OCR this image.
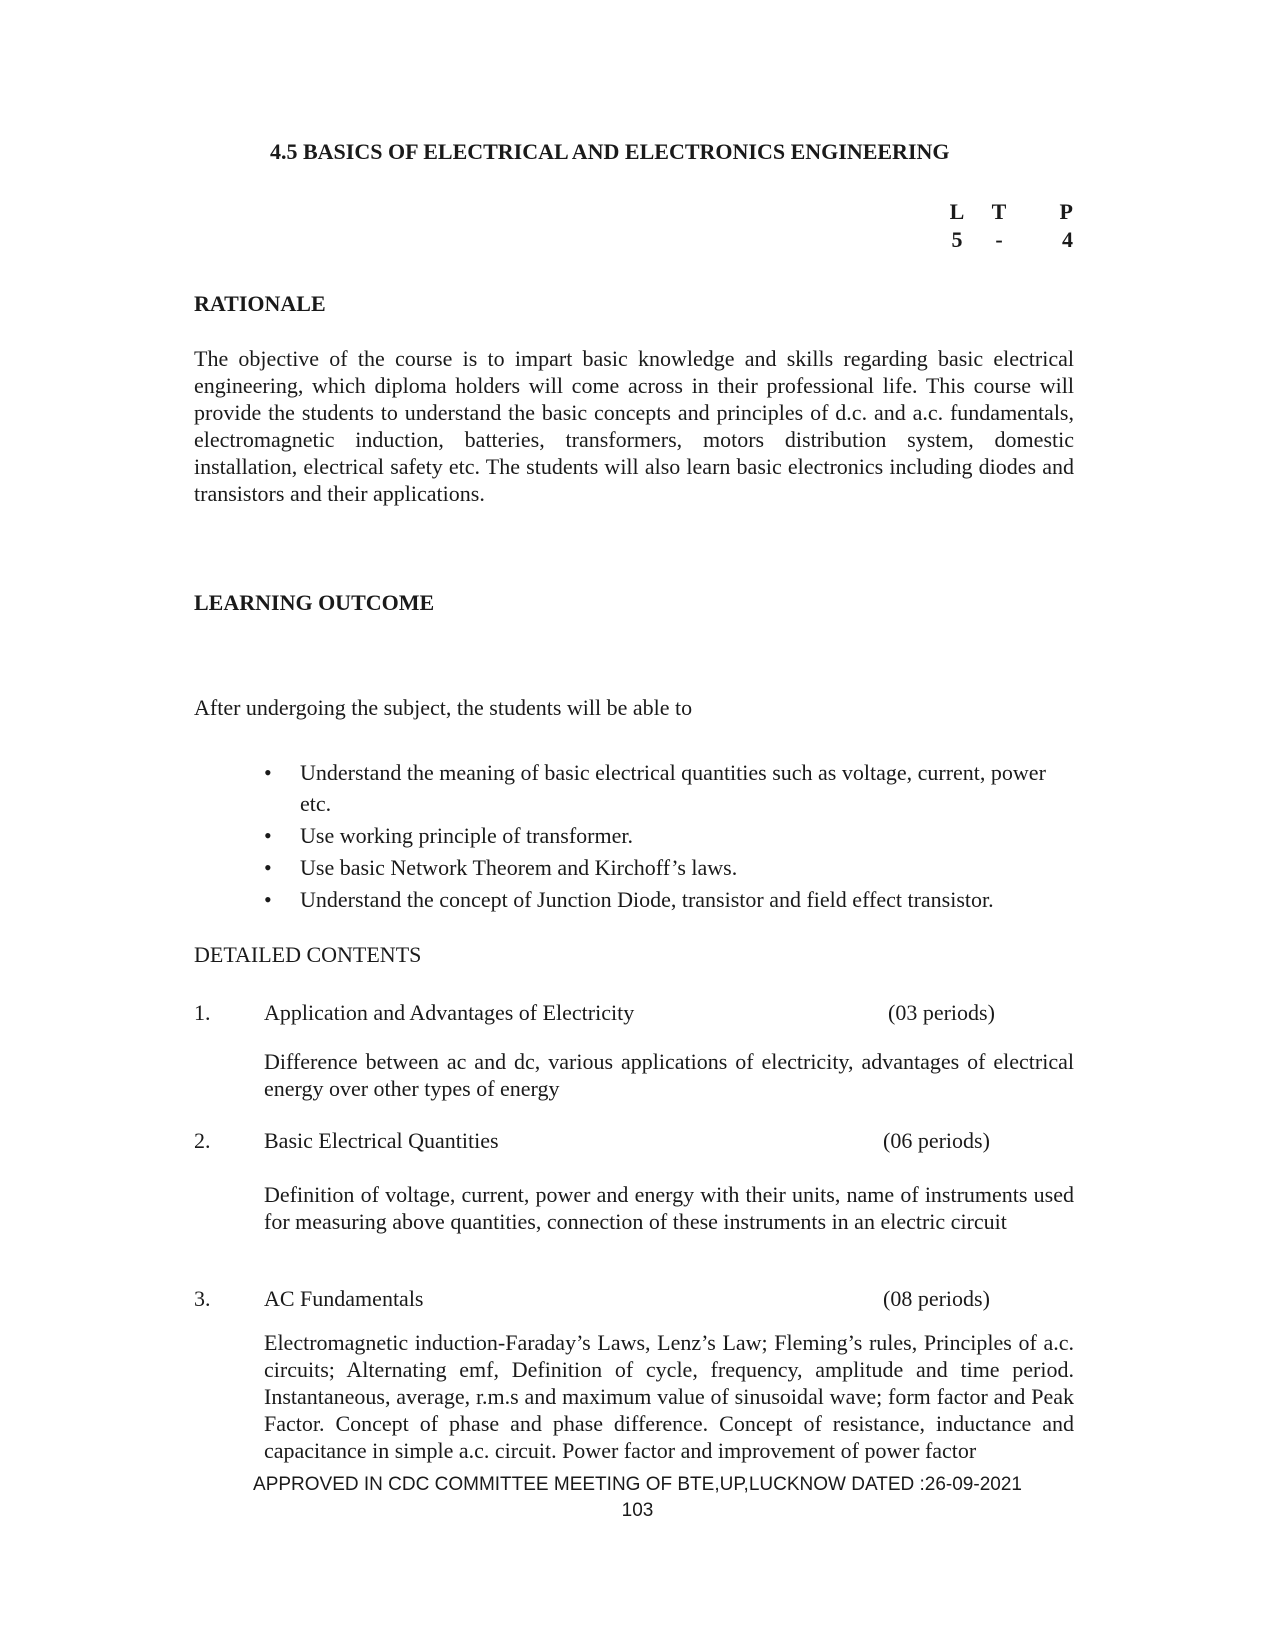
4.5 BASICS OF ELECTRICAL AND ELECTRONICS ENGINEERING
L	T	P
5	-	4
RATIONALE
The objective of the course is to impart basic knowledge and skills regarding basic electrical engineering, which diploma holders will come across in their professional life. This course will provide the students to understand the basic concepts and principles of d.c. and a.c. fundamentals, electromagnetic induction, batteries, transformers, motors distribution system, domestic installation, electrical safety etc. The students will also learn basic electronics including diodes and transistors and their applications.
LEARNING OUTCOME
After undergoing the subject, the students will be able to
• Understand the meaning of basic electrical quantities such as voltage, current, power etc.
• Use working principle of transformer.
• Use basic Network Theorem and Kirchoff’s laws.
• Understand the concept of Junction Diode, transistor and field effect transistor.
DETAILED CONTENTS
1. Application and Advantages of Electricity	(03 periods)
Difference between ac and dc, various applications of electricity, advantages of electrical energy over other types of energy
2. Basic Electrical Quantities	(06 periods)
Definition of voltage, current, power and energy with their units, name of instruments used for measuring above quantities, connection of these instruments in an electric circuit
3. AC Fundamentals	(08 periods)
Electromagnetic induction-Faraday’s Laws, Lenz’s Law; Fleming’s rules, Principles of a.c. circuits; Alternating emf, Definition of cycle, frequency, amplitude and time period. Instantaneous, average, r.m.s and maximum value of sinusoidal wave; form factor and Peak Factor. Concept of phase and phase difference. Concept of resistance, inductance and capacitance in simple a.c. circuit. Power factor and improvement of power factor
APPROVED IN CDC COMMITTEE MEETING OF BTE,UP,LUCKNOW DATED :26-09-2021
103
